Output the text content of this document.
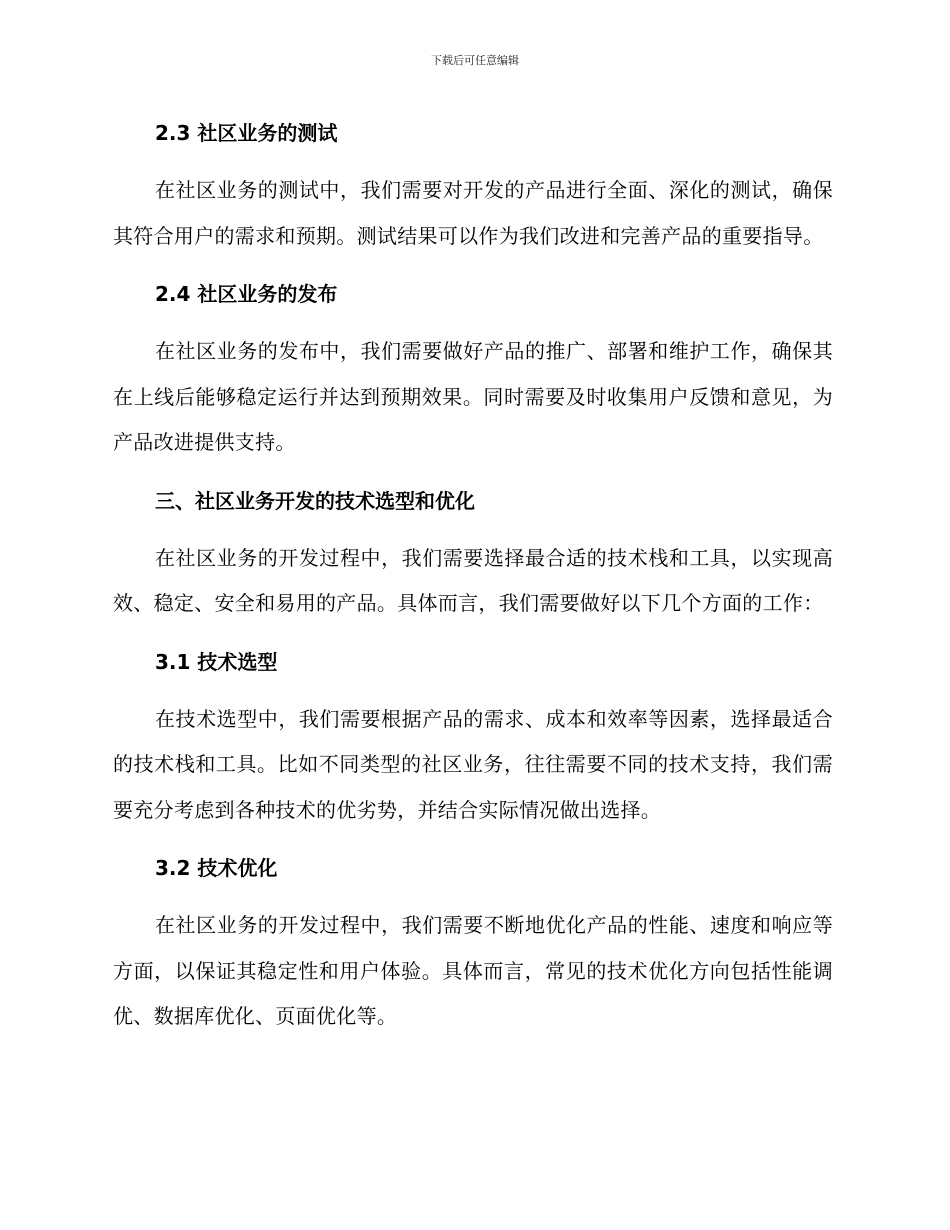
下载后可任意编辑
2.3 社区业务的测试

在社区业务的测试中，我们需要对开发的产品进行全面、深化的测试，确保其符合用户的需求和预期。测试结果可以作为我们改进和完善产品的重要指导。

2.4 社区业务的发布

在社区业务的发布中，我们需要做好产品的推广、部署和维护工作，确保其在上线后能够稳定运行并达到预期效果。同时需要及时收集用户反馈和意见，为产品改进提供支持。

三、社区业务开发的技术选型和优化

在社区业务的开发过程中，我们需要选择最合适的技术栈和工具，以实现高效、稳定、安全和易用的产品。具体而言，我们需要做好以下几个方面的工作：

3.1 技术选型

在技术选型中，我们需要根据产品的需求、成本和效率等因素，选择最适合的技术栈和工具。比如不同类型的社区业务，往往需要不同的技术支持，我们需要充分考虑到各种技术的优劣势，并结合实际情况做出选择。

3.2 技术优化

在社区业务的开发过程中，我们需要不断地优化产品的性能、速度和响应等方面，以保证其稳定性和用户体验。具体而言，常见的技术优化方向包括性能调优、数据库优化、页面优化等。
